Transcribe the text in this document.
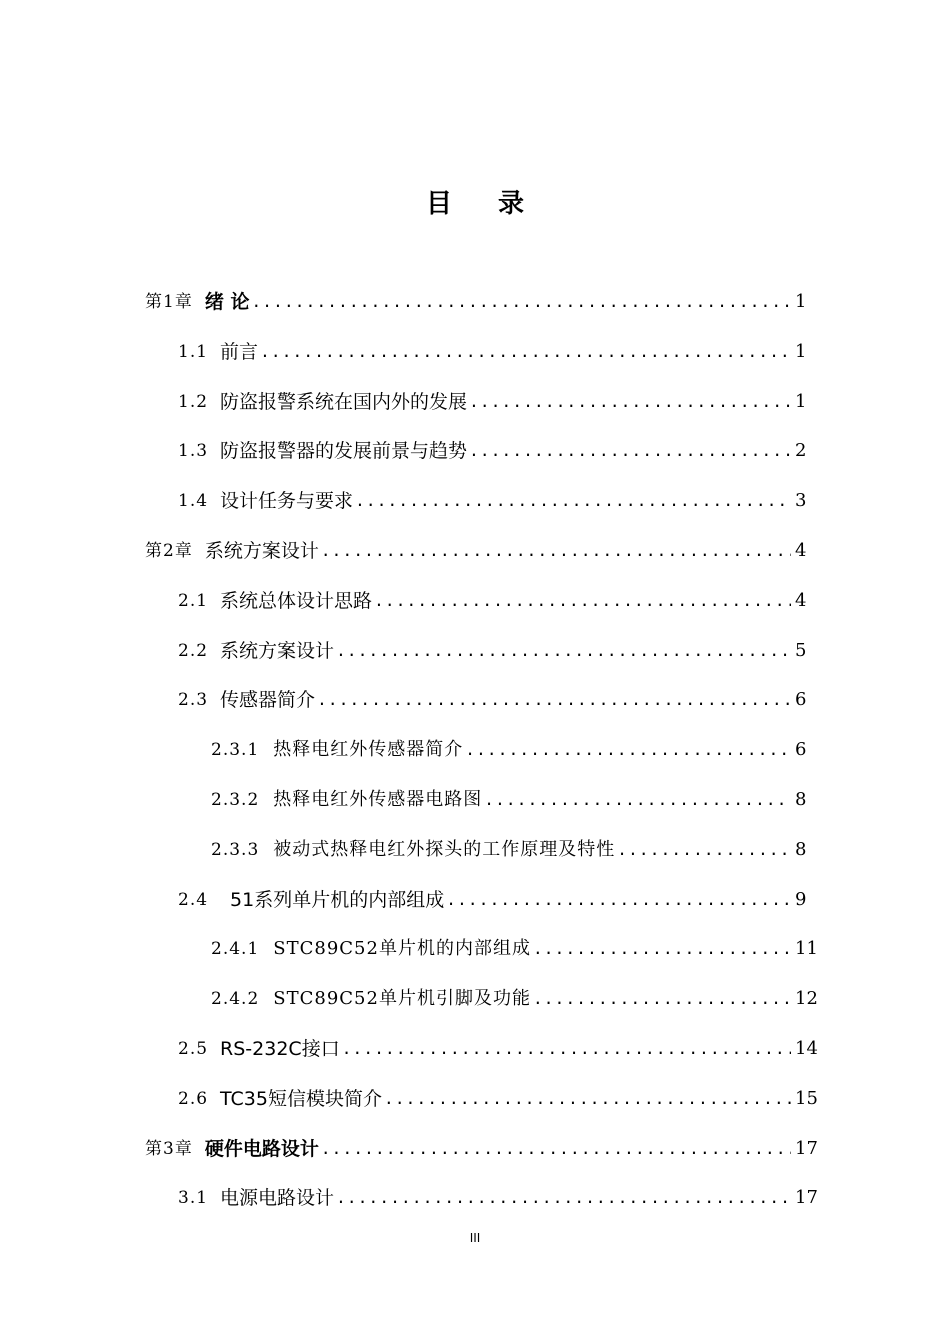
目 录
第1章 绪 论 .....	1
1.1 前言 .....	1
1.2 防盗报警系统在国内外的发展 .....	1
1.3 防盗报警器的发展前景与趋势 .....	2
1.4 设计任务与要求 .....	3
第2章 系统方案设计 .....	4
2.1 系统总体设计思路 .....	4
2.2 系统方案设计 .....	5
2.3 传感器简介 .....	6
2.3.1 热释电红外传感器简介 .....	6
2.3.2 热释电红外传感器电路图 .....	8
2.3.3 被动式热释电红外探头的工作原理及特性 .....	8
2.4 51系列单片机的内部组成 .....	9
2.4.1 STC89C52单片机的内部组成 .....	11
2.4.2 STC89C52单片机引脚及功能 .....	12
2.5 RS-232C接口 .....	14
2.6 TC35短信模块简介 .....	15
第3章 硬件电路设计 .....	17
3.1 电源电路设计 .....	17
III
